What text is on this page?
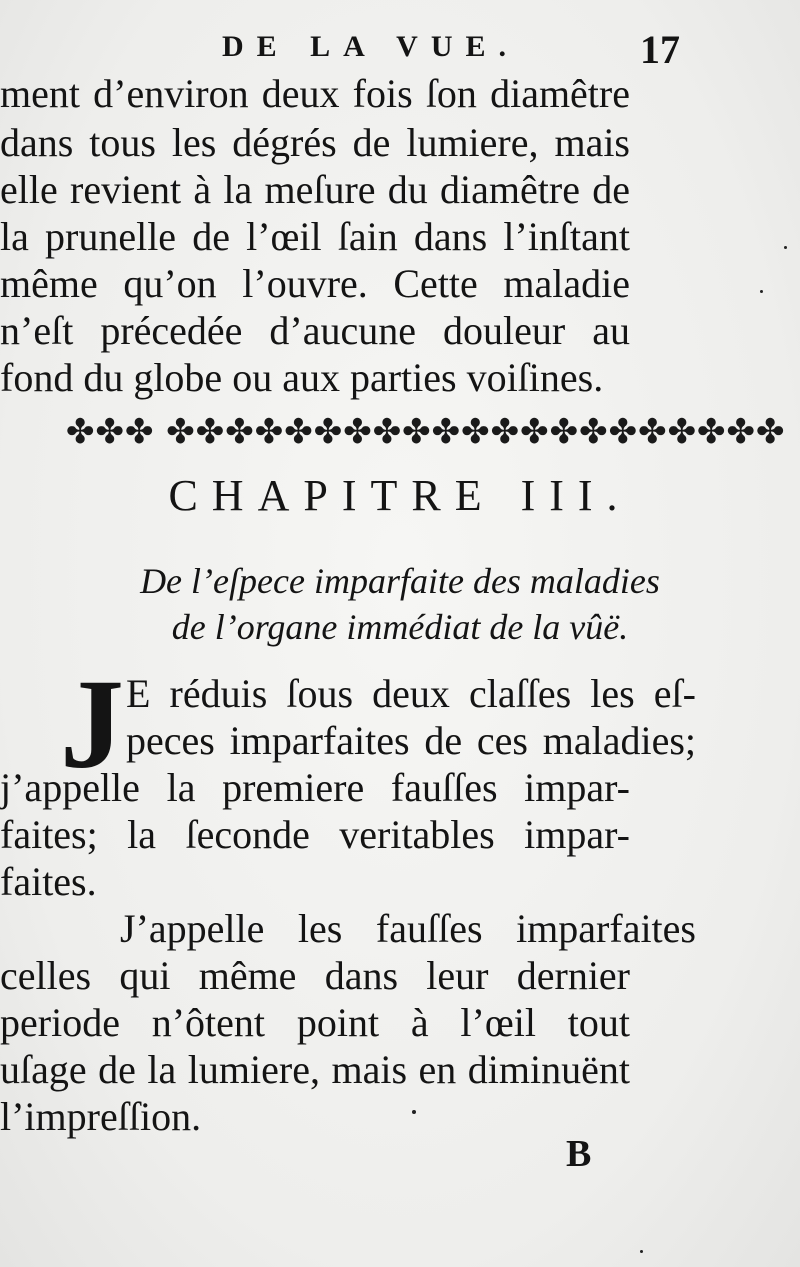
DE LA VUE.	17
ment d’environ deux fois ſon diamêtre
dans tous les dégrés de lumiere, mais
elle revient à la meſure du diamêtre de
la prunelle de l’œil ſain dans l’inſtant
même qu’on l’ouvre. Cette maladie
n’eſt précedée d’aucune douleur au
fond du globe ou aux parties voiſines.
✤✤✤ ✤✤✤✤✤✤✤✤✤✤✤✤✤✤✤✤✤✤✤✤✤
CHAPITRE III.
De l’eſpece imparfaite des maladies
de l’organe immédiat de la vûë.
J E réduis ſous deux claſſes les eſ-
peces imparfaites de ces maladies;
j’appelle la premiere fauſſes impar-
faites; la ſeconde veritables impar-
faites.
J’appelle les fauſſes imparfaites
celles qui même dans leur dernier
periode n’ôtent point à l’œil tout
uſage de la lumiere, mais en diminuënt
l’impreſſion.
B
